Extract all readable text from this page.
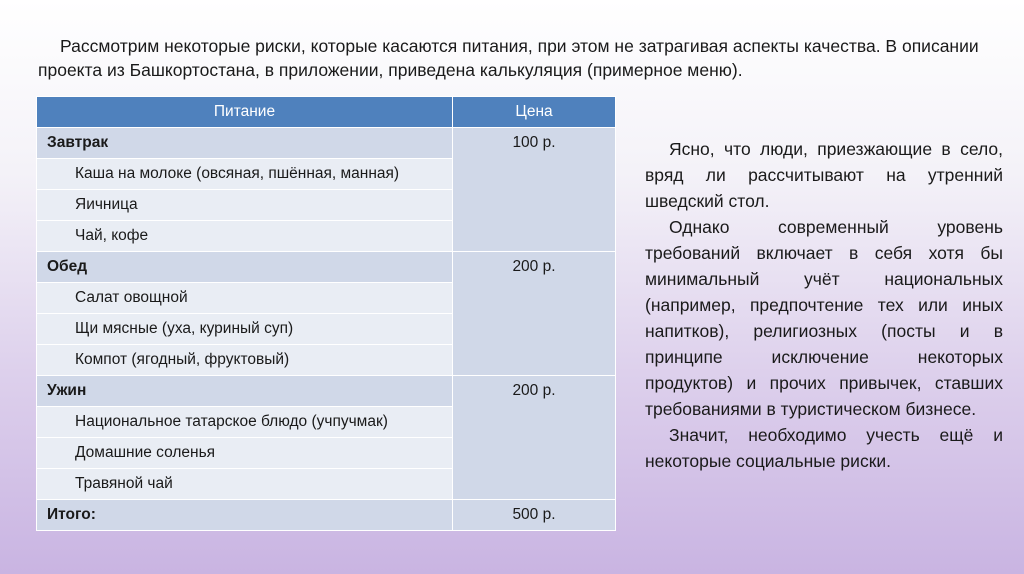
Рассмотрим некоторые риски, которые касаются питания, при этом не затрагивая аспекты качества. В описании проекта из Башкортостана, в приложении, приведена калькуляция (примерное меню).

Питание	Цена
Завтрак	100 р.
Каша на молоке (овсяная, пшённая, манная)	
Яичница	
Чай, кофе	
Обед	200 р.
Салат овощной	
Щи мясные (уха, куриный суп)	
Компот (ягодный, фруктовый)	
Ужин	200 р.
Национальное татарское блюдо (учпучмак)	
Домашние соленья	
Травяной чай	
Итого:	500 р.

Ясно, что люди, приезжающие в село, вряд ли рассчитывают на утренний шведский стол.

Однако современный уровень требований включает в себя хотя бы минимальный учёт национальных (например, предпочтение тех или иных напитков), религиозных (посты и в принципе исключение некоторых продуктов) и прочих привычек, ставших требованиями в туристическом бизнесе.

Значит, необходимо учесть ещё и некоторые социальные риски.
